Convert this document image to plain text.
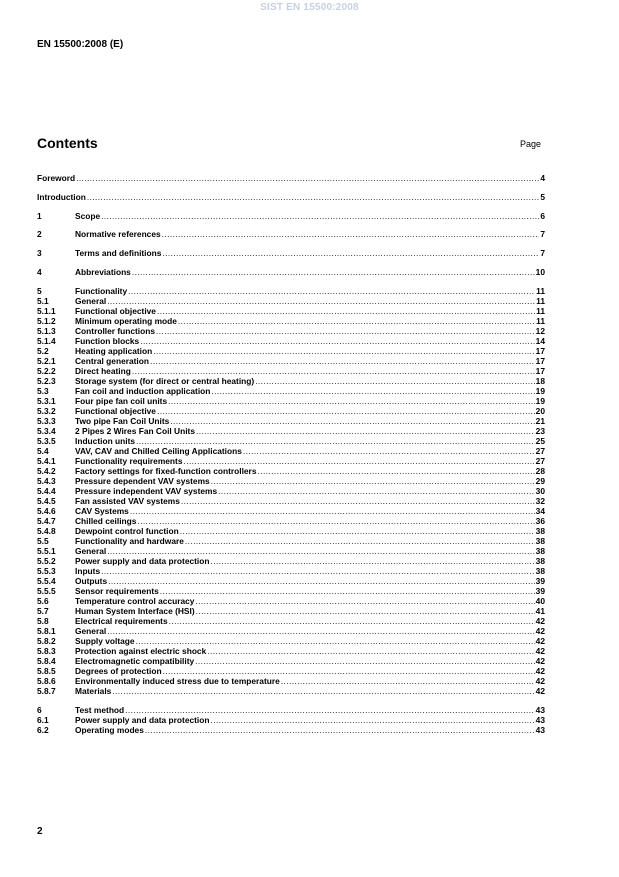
SIST EN 15500:2008
EN 15500:2008 (E)
Contents	Page
Foreword .....	4
Introduction .....	5
1	Scope .....	6
2	Normative references .....	7
3	Terms and definitions .....	7
4	Abbreviations .....	10
5	Functionality .....	11
5.1	General .....	11
5.1.1	Functional objective .....	11
5.1.2	Minimum operating mode .....	11
5.1.3	Controller functions .....	12
5.1.4	Function blocks .....	14
5.2	Heating application .....	17
5.2.1	Central generation .....	17
5.2.2	Direct heating .....	17
5.2.3	Storage system (for direct or central heating) .....	18
5.3	Fan coil and induction application .....	19
5.3.1	Four pipe fan coil units .....	19
5.3.2	Functional objective .....	20
5.3.3	Two pipe Fan Coil Units .....	21
5.3.4	2 Pipes 2 Wires Fan Coil Units .....	23
5.3.5	Induction units .....	25
5.4	VAV, CAV and Chilled Ceiling Applications .....	27
5.4.1	Functionality requirements .....	27
5.4.2	Factory settings for fixed-function controllers .....	28
5.4.3	Pressure dependent VAV systems .....	29
5.4.4	Pressure independent VAV systems .....	30
5.4.5	Fan assisted VAV systems .....	32
5.4.6	CAV Systems .....	34
5.4.7	Chilled ceilings .....	36
5.4.8	Dewpoint control function .....	38
5.5	Functionality and hardware .....	38
5.5.1	General .....	38
5.5.2	Power supply and data protection .....	38
5.5.3	Inputs .....	38
5.5.4	Outputs .....	39
5.5.5	Sensor requirements .....	39
5.6	Temperature control accuracy .....	40
5.7	Human System Interface (HSI) .....	41
5.8	Electrical requirements .....	42
5.8.1	General .....	42
5.8.2	Supply voltage .....	42
5.8.3	Protection against electric shock .....	42
5.8.4	Electromagnetic compatibility .....	42
5.8.5	Degrees of protection .....	42
5.8.6	Environmentally induced stress due to temperature .....	42
5.8.7	Materials .....	42
6	Test method .....	43
6.1	Power supply and data protection .....	43
6.2	Operating modes .....	43
2
